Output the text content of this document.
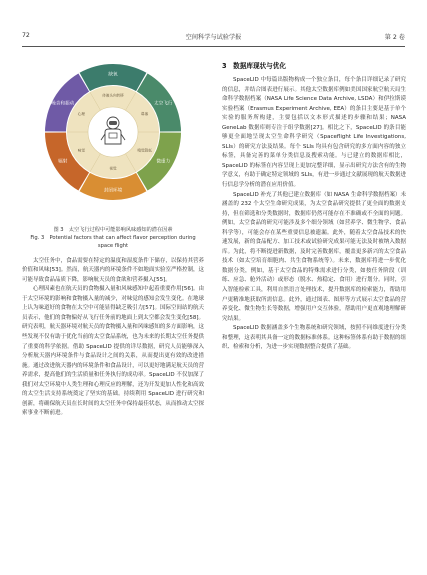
72	空间科学与试验学报	第 2 卷
缺氧
体液头向转移
太空飞行
鼻塞
微重力
嗅觉降低
封闭环境
视觉
辐射
味觉
噪音和振动
心理
图 3　太空飞行过程中可能影响风味感知的潜在因素
Fig. 3　Potential factors that can affect flavor perception during space flight

太空任务中，食品需要在特定的温度和湿度条件下储存，以保持其营养价值和风味[53]。然而，航天器内的环境条件不如地面实验室严格控制，这可能导致食品品质下降，影响航天员的食欲和营养摄入[55]。

心理因素也在航天员的食物摄入量和风味感知中起着重要作用[56]。由于太空环境的影响和食物摄入量的减少，对味觉的感知会发生变化。在地球上认为味道好的食物在太空中可能显得缺乏吸引力[57]。国际空间站的航天员表示，他们的食物偏好从飞行任务前的地面上到太空都会发生变化[58]。研究表明，航天器环境对航天员的食物摄入量和风味感知的多方面影响，这些发现不仅有助于优化当前的太空食品系统，也为未来的长期太空任务提供了重要的科学依据。借助 SpaceLID 提供的详尽数据，研究人员能够深入分析航天器内环境条件与食品设计之间的关系，从而提出更有效的改进措施。通过改进航天器内的环境条件和食品设计，可以更好地满足航天员的营养需求，提高他们的生活质量和任务执行的成功率。SpaceLID 不仅加深了我们对太空环境中人类生理和心理反应的理解，还为开发更加人性化和高效的太空生活支持系统奠定了坚实的基础。持续利用 SpaceLID 进行研究和创新，将确保航天员在长时间的太空任务中保持最佳状态，从而推动太空探索事业不断前进。

3　数据库现状与优化

SpaceLID 中每篇出版物构成一个独立条目，每个条目详细记录了研究的信息，并结合图表进行展示。其他太空数据库例如美国国家航空航天局生命科学数据档案（NASA Life Science Data Archive, LSDA）和伊拉斯谟实验档案（Erasmus Experiment Archive, EEA）的条目主要是基于单个实验的服务所构建，主要包括以文本形式描述的步骤和结果；NASA GeneLab 数据库则专注于组学数据[27]。相比之下，SpaceLID 的条目能够更全面地呈现太空生命科学研究（Spaceflight Life Investigations, SLIs）的研究方法及结果。每个 SLIs 均具有包含研究的多方面内容的独立标签，具备完善的菜单分类信息及搜索功能。与已建立的数据库相比，SpaceLID 的标签在内容呈现上更加完整详细，显示出研究方法含有的生物学意义，有助于确定特定领域的 SLIs，有进一步通过文献展现的航天数据进行信息学分析的潜在应用价值。

SpaceLID 补充了其他已建立数据库（如 NASA 生命科学数据档案）未涵盖的 232 个太空生命研究成果，为太空食品研究提供了更全面的数据支持，但在筛选和分类数据时，数据库仍然可能存在不准确或不全面的问题。例如，太空食品的研究可能涉及多个细分领域（如营养学、微生物学、食品科学等），可能会存在某些重要信息被遗漏。此外，随着太空食品技术的快速发展，新的食品配方、加工技术或试验研究成果可能无法及时被纳入数据库。为此，将不断提进新数据，及时完善数据库，覆盖更多新兴的太空食品技术（如太空培育细胞肉、共生食物系统等）。未来，数据库将进一步优化数据分类，例如，基于太空食品的特殊需求进行分类，如按任务阶段（训练、应急、舱外活动）或形态（脱水、热稳定、食用）进行划分。同时，引入智能检索工具，利用自然语言处理技术，提升数据库的检索能力，帮助用户更精准地获取所需信息。此外，通过图表、图形等方式展示太空食品的营养变化、微生物生长等数据，增强用户交互体验，帮助用户更直观地理解研究结果。

SpaceLID 数据涵盖多个生物系统和研究领域，按照不同维度进行分类和整理，这表明其具备一定的数据标准体系。这种标签体系有助于数据的组织、检索和分析，为进一步实现数据整合提供了基础。
